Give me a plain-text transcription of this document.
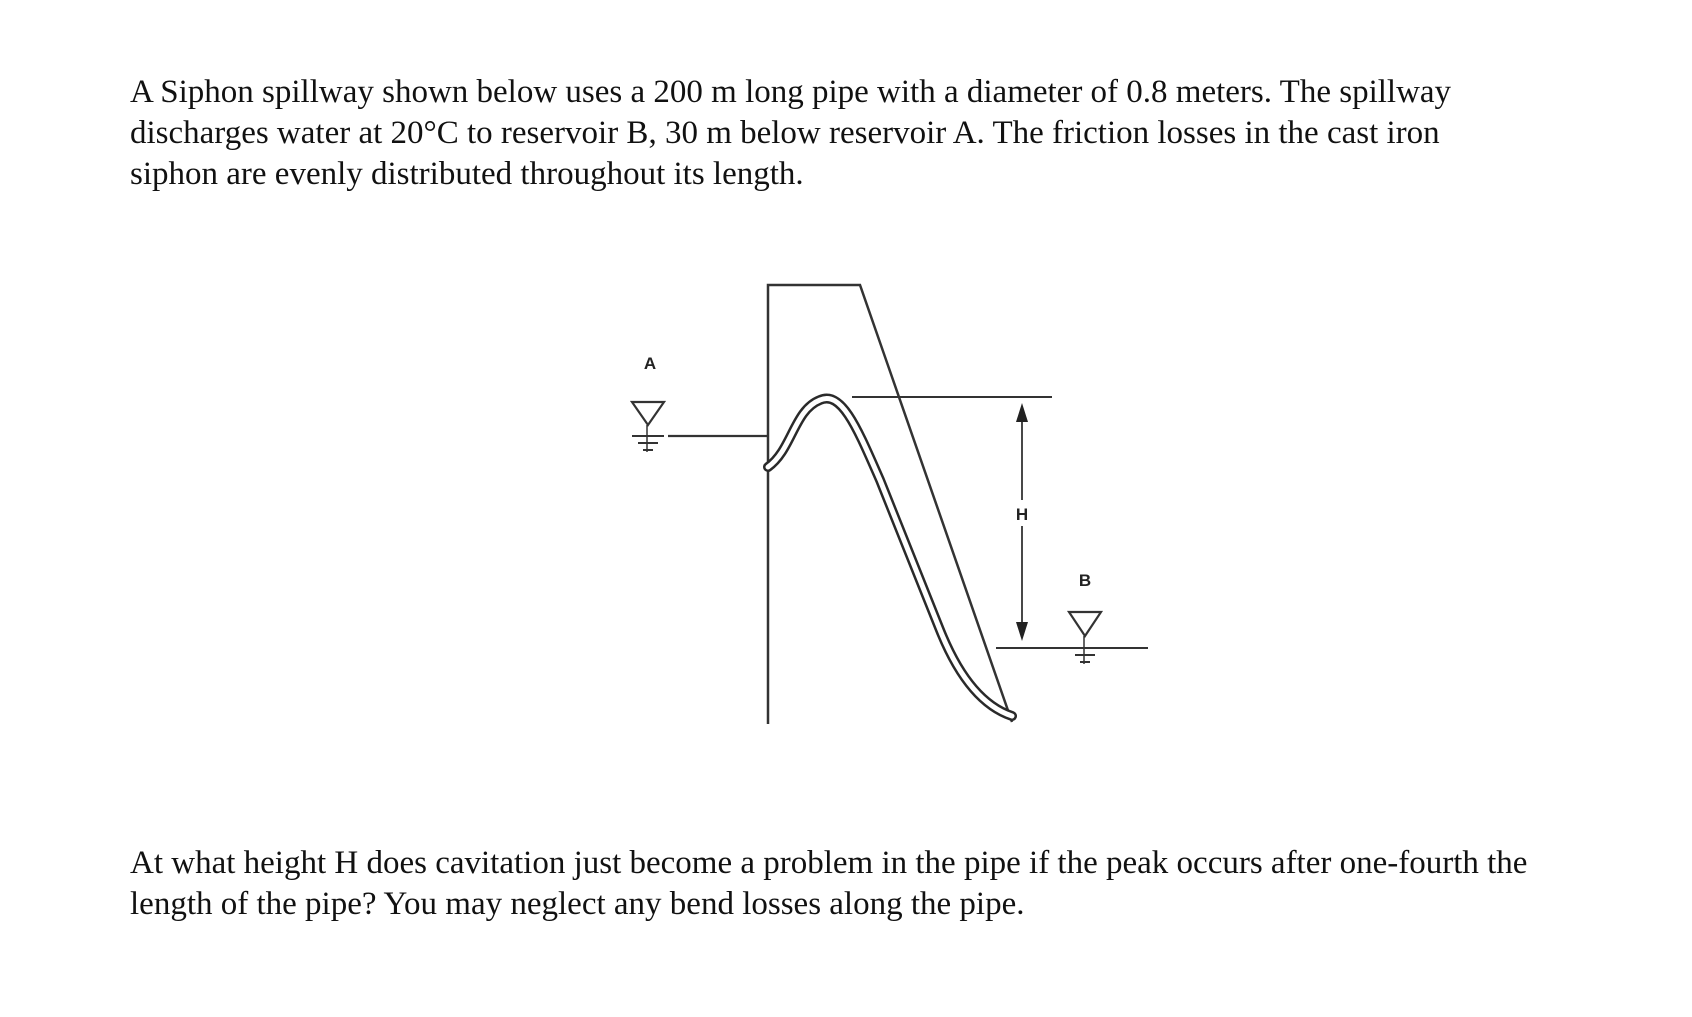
A Siphon spillway shown below uses a 200 m long pipe with a diameter of 0.8 meters. The spillway
discharges water at 20°C to reservoir B, 30 m below reservoir A. The friction losses in the cast iron
siphon are evenly distributed throughout its length.
H
A
B
At what height H does cavitation just become a problem in the pipe if the peak occurs after one-fourth the
length of the pipe? You may neglect any bend losses along the pipe.
